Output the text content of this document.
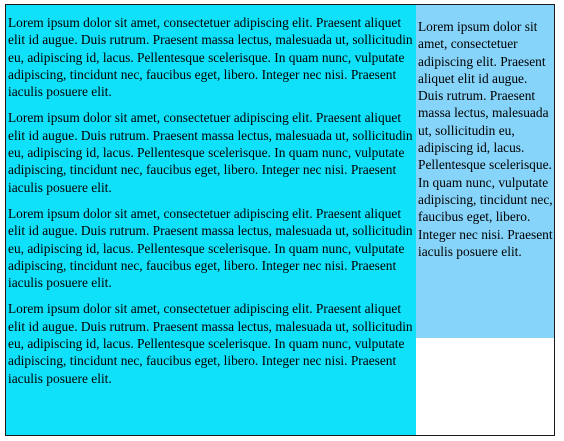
Lorem ipsum dolor sit amet, consectetuer adipiscing elit. Praesent aliquet elit id augue. Duis rutrum. Praesent massa lectus, malesuada ut, sollicitudin eu, adipiscing id, lacus. Pellentesque scelerisque. In quam nunc, vulputate adipiscing, tincidunt nec, faucibus eget, libero. Integer nec nisi. Praesent iaculis posuere elit.

Lorem ipsum dolor sit amet, consectetuer adipiscing elit. Praesent aliquet elit id augue. Duis rutrum. Praesent massa lectus, malesuada ut, sollicitudin eu, adipiscing id, lacus. Pellentesque scelerisque. In quam nunc, vulputate adipiscing, tincidunt nec, faucibus eget, libero. Integer nec nisi. Praesent iaculis posuere elit.

Lorem ipsum dolor sit amet, consectetuer adipiscing elit. Praesent aliquet elit id augue. Duis rutrum. Praesent massa lectus, malesuada ut, sollicitudin eu, adipiscing id, lacus. Pellentesque scelerisque. In quam nunc, vulputate adipiscing, tincidunt nec, faucibus eget, libero. Integer nec nisi. Praesent iaculis posuere elit.

Lorem ipsum dolor sit amet, consectetuer adipiscing elit. Praesent aliquet elit id augue. Duis rutrum. Praesent massa lectus, malesuada ut, sollicitudin eu, adipiscing id, lacus. Pellentesque scelerisque. In quam nunc, vulputate adipiscing, tincidunt nec, faucibus eget, libero. Integer nec nisi. Praesent iaculis posuere elit.

Lorem ipsum dolor sit amet, consectetuer adipiscing elit. Praesent aliquet elit id augue. Duis rutrum. Praesent massa lectus, malesuada ut, sollicitudin eu, adipiscing id, lacus. Pellentesque scelerisque. In quam nunc, vulputate adipiscing, tincidunt nec, faucibus eget, libero. Integer nec nisi. Praesent iaculis posuere elit.
